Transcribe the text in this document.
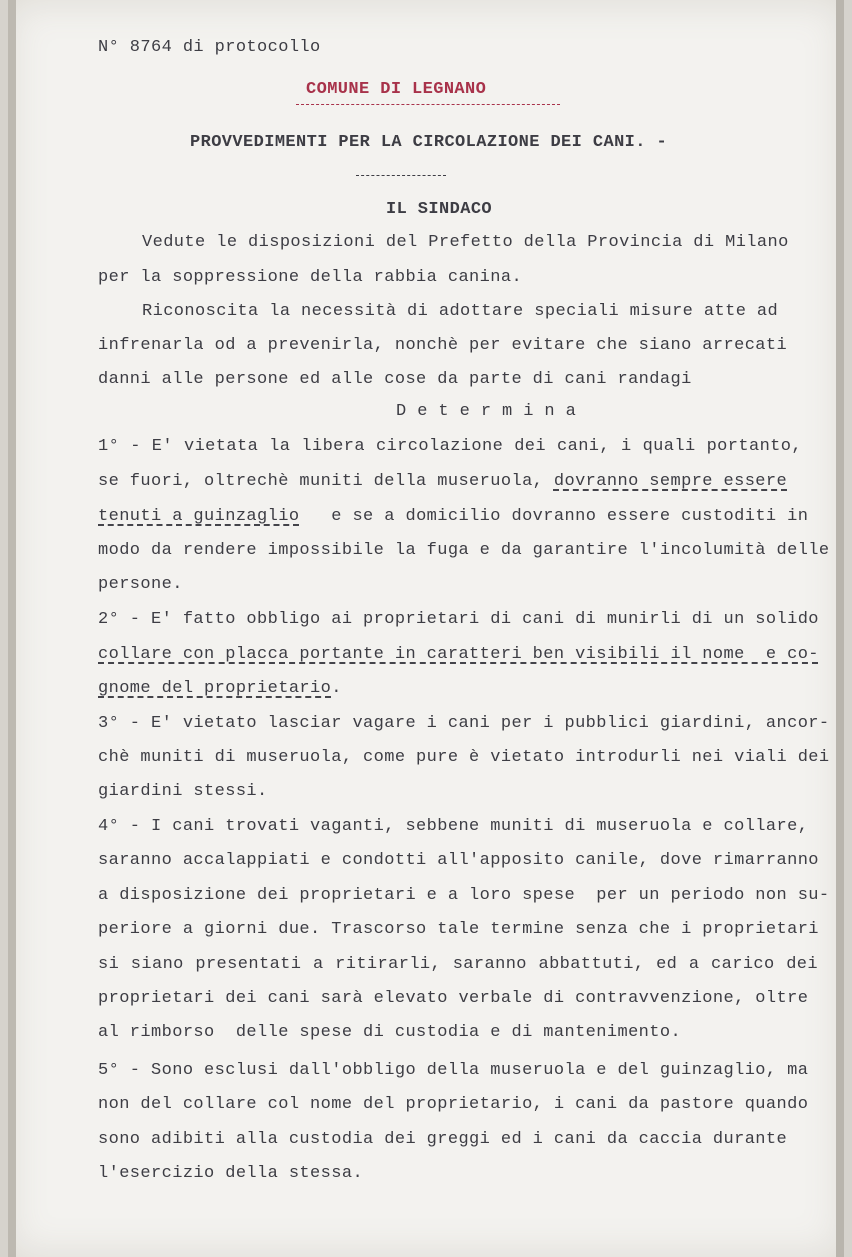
N° 8764 di protocollo
COMUNE DI LEGNANO
PROVVEDIMENTI PER LA CIRCOLAZIONE DEI CANI. -
IL SINDACO
Vedute le disposizioni del Prefetto della Provincia di Milano
per la soppressione della rabbia canina.
Riconoscita la necessità di adottare speciali misure atte ad
infrenarla od a prevenirla, nonchè per evitare che siano arrecati
danni alle persone ed alle cose da parte di cani randagi
D e t e r m i n a
1° - E' vietata la libera circolazione dei cani, i quali portanto,
se fuori, oltrechè muniti della museruola, dovranno sempre essere
tenuti a guinzaglio e se a domicilio dovranno essere custoditi in
modo da rendere impossibile la fuga e da garantire l'incolumità delle
persone.
2° - E' fatto obbligo ai proprietari di cani di munirli di un solido
collare con placca portante in caratteri ben visibili il nome  e co-
gnome del proprietario.
3° - E' vietato lasciar vagare i cani per i pubblici giardini, ancor-
chè muniti di museruola, come pure è vietato introdurli nei viali dei
giardini stessi.
4° - I cani trovati vaganti, sebbene muniti di museruola e collare,
saranno accalappiati e condotti all'apposito canile, dove rimarranno
a disposizione dei proprietari e a loro spese  per un periodo non su-
periore a giorni due. Trascorso tale termine senza che i proprietari
si siano presentati a ritirarli, saranno abbattuti, ed a carico dei
proprietari dei cani sarà elevato verbale di contravvenzione, oltre
al rimborso  delle spese di custodia e di mantenimento.
5° - Sono esclusi dall'obbligo della museruola e del guinzaglio, ma
non del collare col nome del proprietario, i cani da pastore quando
sono adibiti alla custodia dei greggi ed i cani da caccia durante
l'esercizio della stessa.
